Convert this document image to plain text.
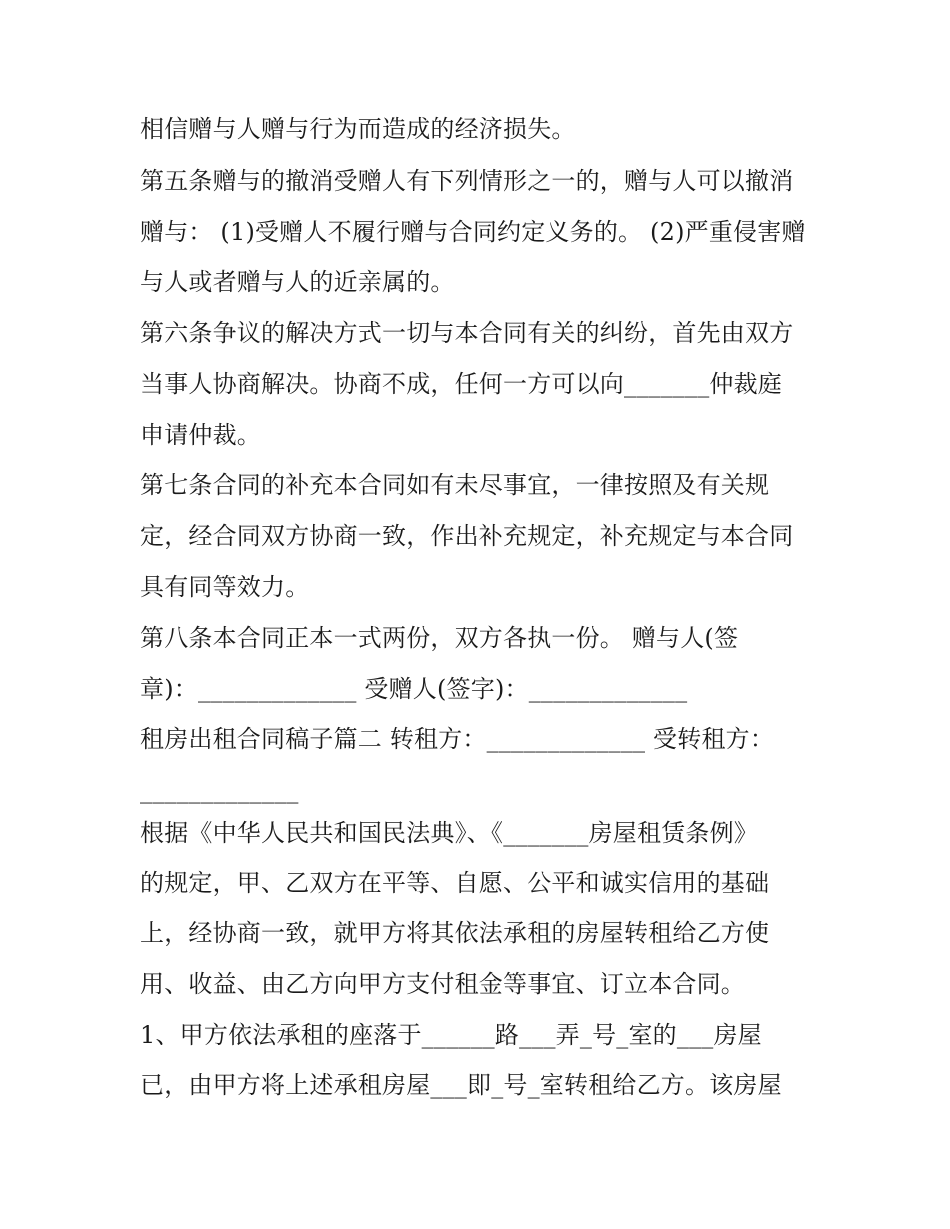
相信赠与人赠与行为而造成的经济损失。
第五条赠与的撤消受赠人有下列情形之一的，赠与人可以撤消
赠与： (1)受赠人不履行赠与合同约定义务的。 (2)严重侵害赠
与人或者赠与人的近亲属的。
第六条争议的解决方式一切与本合同有关的纠纷，首先由双方
当事人协商解决。协商不成，任何一方可以向_______仲裁庭
申请仲裁。
第七条合同的补充本合同如有未尽事宜，一律按照及有关规
定，经合同双方协商一致，作出补充规定，补充规定与本合同
具有同等效力。
第八条本合同正本一式两份，双方各执一份。 赠与人(签
章)：_____________ 受赠人(签字)：_____________
租房出租合同稿子篇二 转租方：_____________ 受转租方：
_____________
根据《中华人民共和国民法典》、《_______房屋租赁条例》
的规定，甲、乙双方在平等、自愿、公平和诚实信用的基础
上，经协商一致，就甲方将其依法承租的房屋转租给乙方使
用、收益、由乙方向甲方支付租金等事宜、订立本合同。
1、甲方依法承租的座落于______路___弄_号_室的___房屋
已，由甲方将上述承租房屋___即_号_室转租给乙方。该房屋
